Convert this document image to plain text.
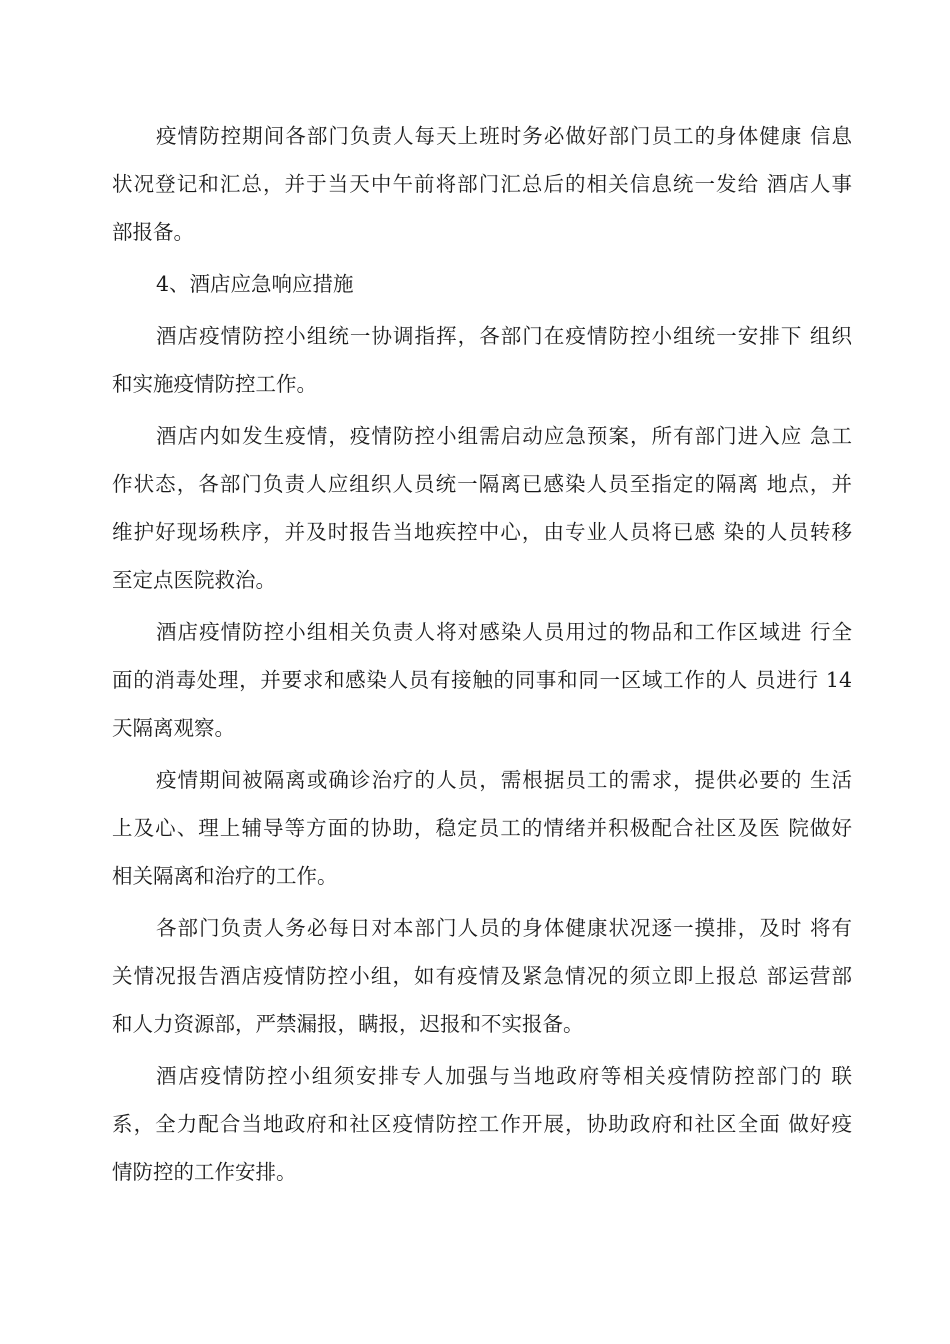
疫情防控期间各部门负责人每天上班时务必做好部门员工的身体健康 信息
状况登记和汇总，并于当天中午前将部门汇总后的相关信息统一发给 酒店人事
部报备。
4、酒店应急响应措施
酒店疫情防控小组统一协调指挥，各部门在疫情防控小组统一安排下 组织
和实施疫情防控工作。
酒店内如发生疫情，疫情防控小组需启动应急预案，所有部门进入应 急工
作状态，各部门负责人应组织人员统一隔离已感染人员至指定的隔离 地点，并
维护好现场秩序，并及时报告当地疾控中心，由专业人员将已感 染的人员转移
至定点医院救治。
酒店疫情防控小组相关负责人将对感染人员用过的物品和工作区域进 行全
面的消毒处理，并要求和感染人员有接触的同事和同一区域工作的人 员进行 14
天隔离观察。
疫情期间被隔离或确诊治疗的人员，需根据员工的需求，提供必要的 生活
上及心、理上辅导等方面的协助，稳定员工的情绪并积极配合社区及医 院做好
相关隔离和治疗的工作。
各部门负责人务必每日对本部门人员的身体健康状况逐一摸排，及时 将有
关情况报告酒店疫情防控小组，如有疫情及紧急情况的须立即上报总 部运营部
和人力资源部，严禁漏报，瞒报，迟报和不实报备。
酒店疫情防控小组须安排专人加强与当地政府等相关疫情防控部门的 联
系，全力配合当地政府和社区疫情防控工作开展，协助政府和社区全面 做好疫
情防控的工作安排。
